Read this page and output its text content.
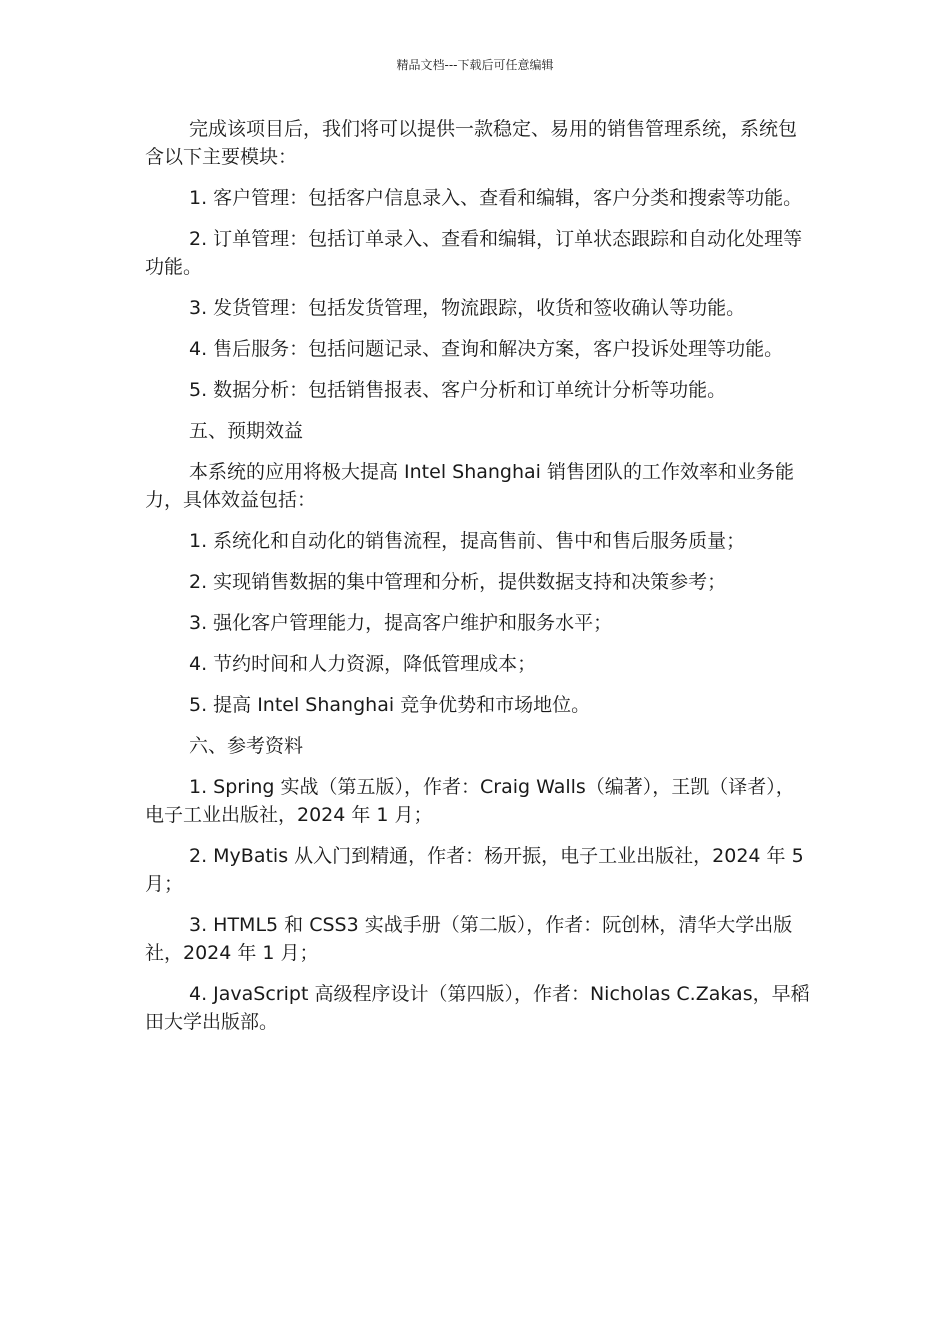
精品文档---下载后可任意编辑

完成该项目后，我们将可以提供一款稳定、易用的销售管理系统，系统包含以下主要模块：

1. 客户管理：包括客户信息录入、查看和编辑，客户分类和搜索等功能。

2. 订单管理：包括订单录入、查看和编辑，订单状态跟踪和自动化处理等功能。

3. 发货管理：包括发货管理，物流跟踪，收货和签收确认等功能。

4. 售后服务：包括问题记录、查询和解决方案，客户投诉处理等功能。

5. 数据分析：包括销售报表、客户分析和订单统计分析等功能。

五、预期效益

本系统的应用将极大提高 Intel Shanghai 销售团队的工作效率和业务能力，具体效益包括：

1. 系统化和自动化的销售流程，提高售前、售中和售后服务质量；

2. 实现销售数据的集中管理和分析，提供数据支持和决策参考；

3. 强化客户管理能力，提高客户维护和服务水平；

4. 节约时间和人力资源，降低管理成本；

5. 提高 Intel Shanghai 竞争优势和市场地位。

六、参考资料

1. Spring 实战（第五版），作者：Craig Walls（编著），王凯（译者），电子工业出版社，2024 年 1 月；

2. MyBatis 从入门到精通，作者：杨开振，电子工业出版社，2024 年 5 月；

3. HTML5 和 CSS3 实战手册（第二版），作者：阮创林，清华大学出版社，2024 年 1 月；

4. JavaScript 高级程序设计（第四版），作者：Nicholas C.Zakas，早稻田大学出版部。
